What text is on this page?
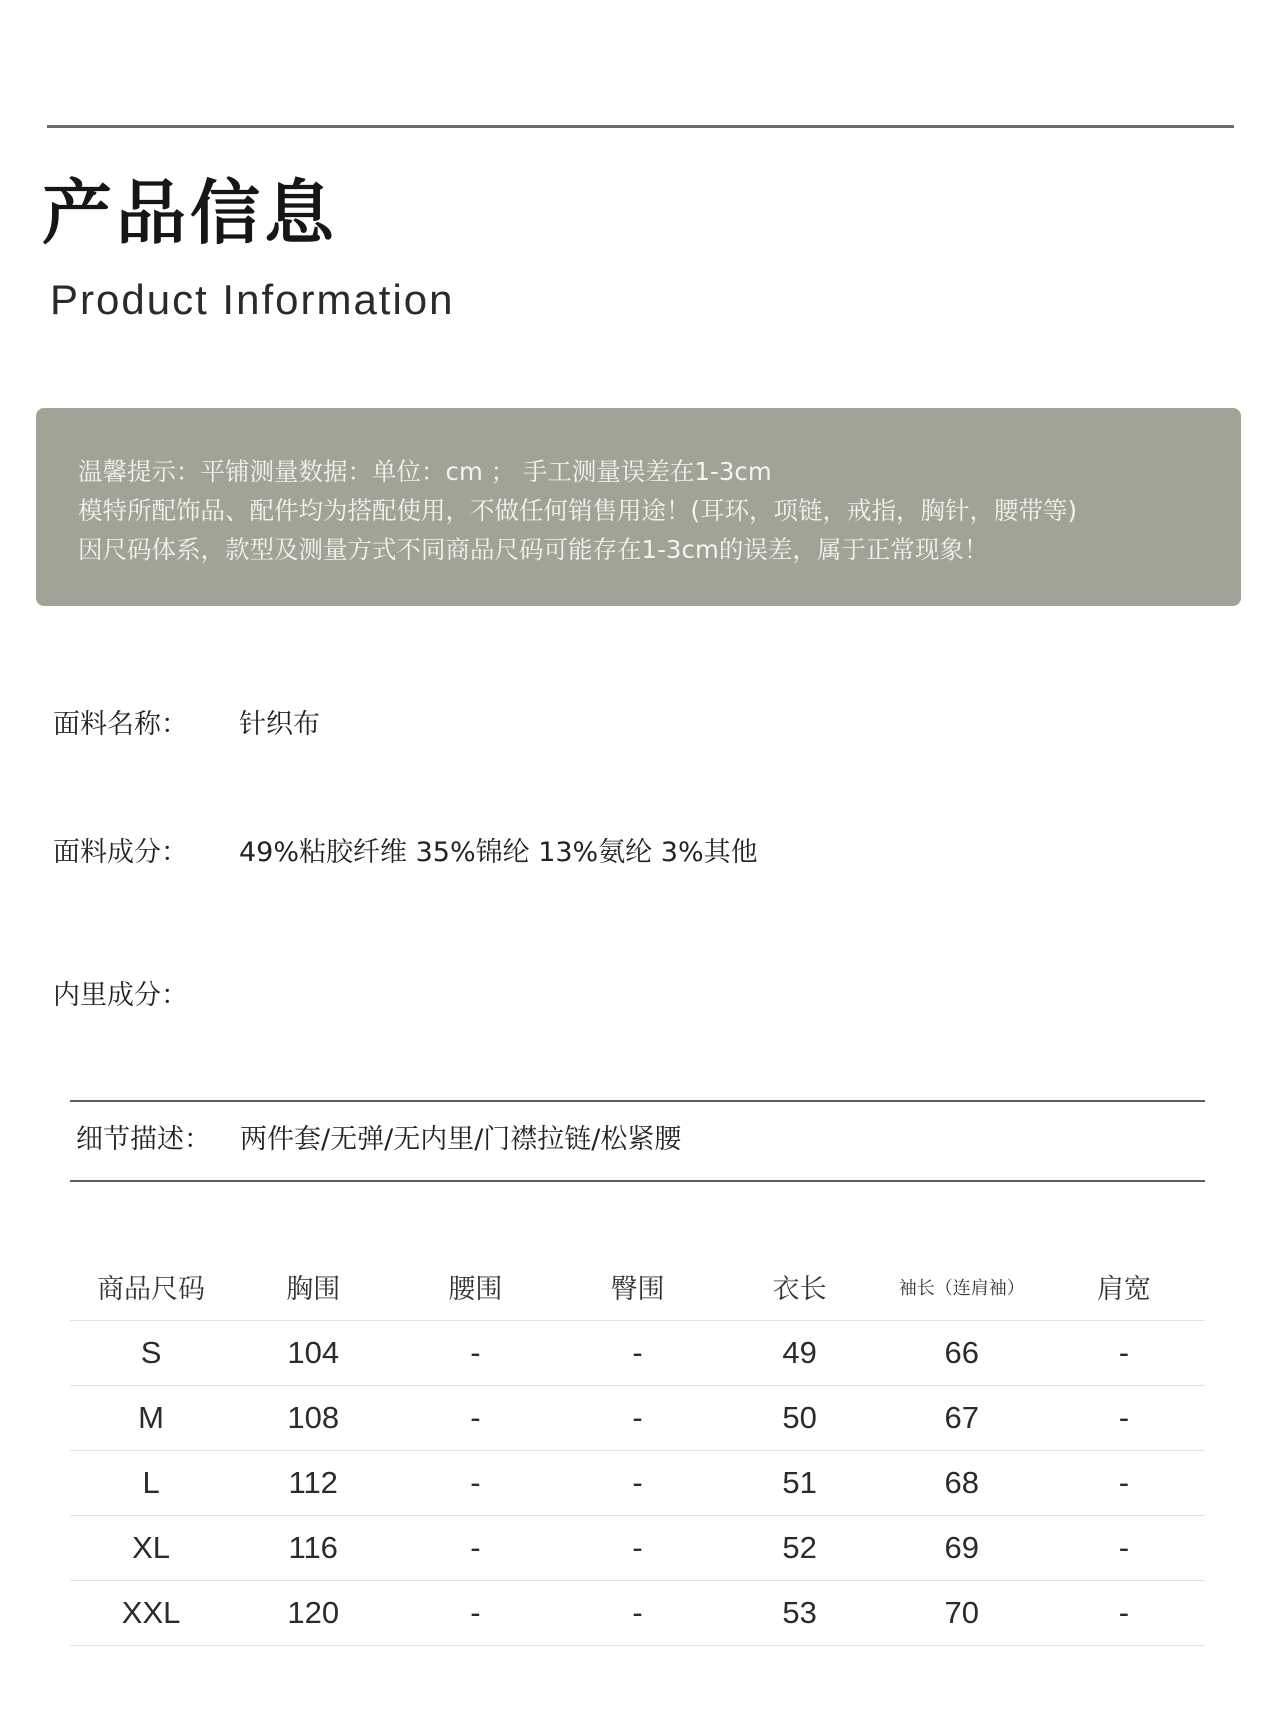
产品信息
Product Information
温馨提示：平铺测量数据：单位：cm ； 手工测量误差在1-3cm
模特所配饰品、配件均为搭配使用，不做任何销售用途！(耳环，项链，戒指，胸针，腰带等)
因尺码体系，款型及测量方式不同商品尺码可能存在1-3cm的误差，属于正常现象！
面料名称： 针织布
面料成分： 49%粘胶纤维 35%锦纶 13%氨纶 3%其他
内里成分：
细节描述： 两件套/无弹/无内里/门襟拉链/松紧腰
商品尺码	胸围	腰围	臀围	衣长	袖长（连肩袖）	肩宽
S	104	-	-	49	66	-
M	108	-	-	50	67	-
L	112	-	-	51	68	-
XL	116	-	-	52	69	-
XXL	120	-	-	53	70	-
